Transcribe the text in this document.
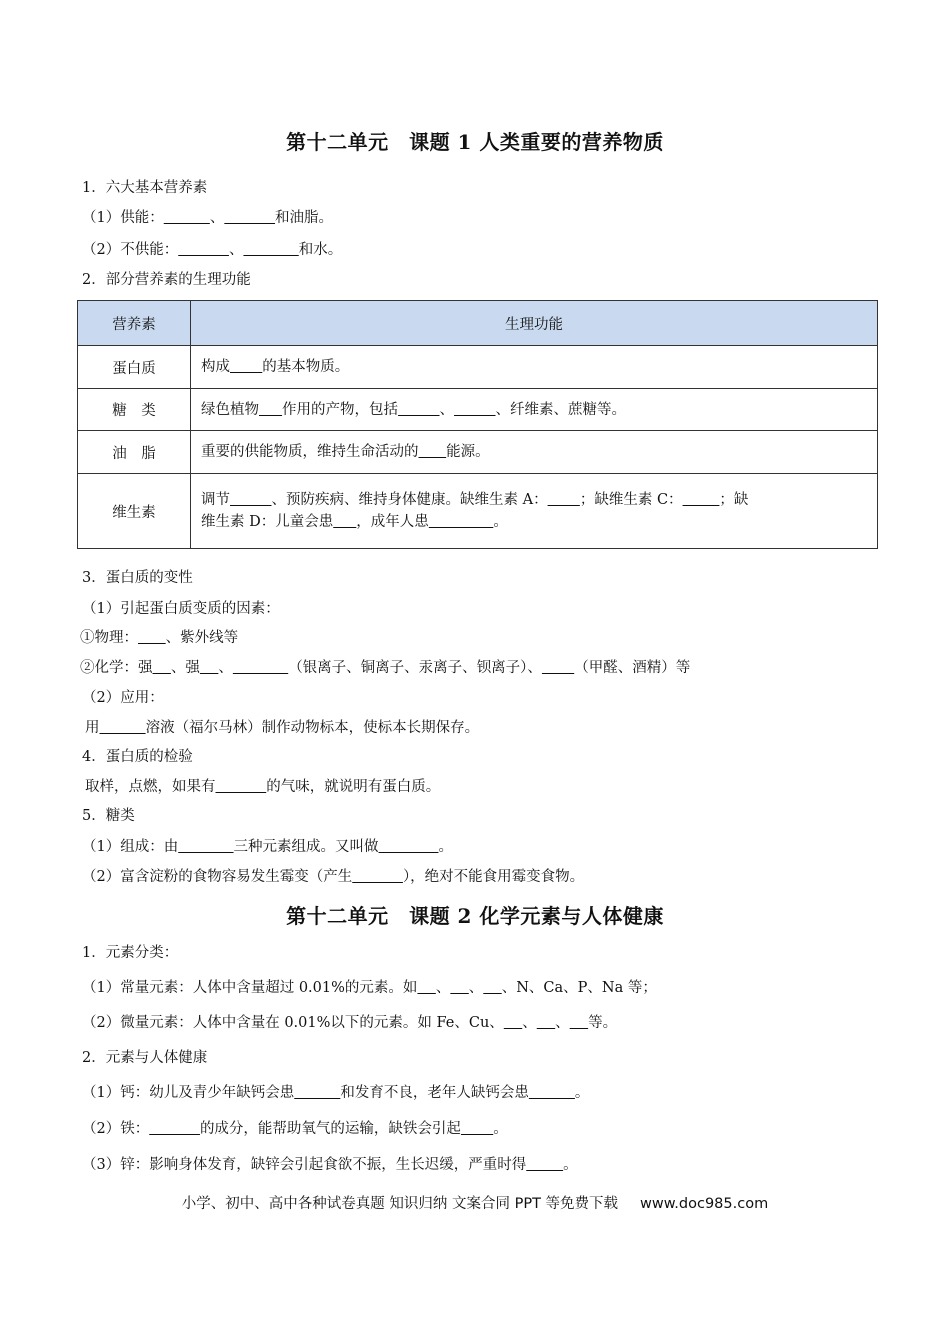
第十二单元　课题 1 人类重要的营养物质
1．六大基本营养素
（1）供能：	、	和油脂。
（2）不供能：	、	和水。
2．部分营养素的生理功能
营养素	生理功能
蛋白质	构成 的基本物质。
糖　类	绿色植物 作用的产物，包括 、 、纤维素、蔗糖等。
油　脂	重要的供能物质，维持生命活动的 能源。
维生素	调节 、预防疾病、维持身体健康。缺维生素 A： ；缺维生素 C： ；缺
维生素 D：儿童会患 ，成年人患 。
3．蛋白质的变性
（1）引起蛋白质变质的因素：
①物理： 、紫外线等
②化学：强 、强 、	（银离子、铜离子、汞离子、钡离子）、 （甲醛、酒精）等
（2）应用：
用	溶液（福尔马林）制作动物标本，使标本长期保存。
4．蛋白质的检验
取样，点燃，如果有	的气味，就说明有蛋白质。
5．糖类
（1）组成：由	三种元素组成。又叫做	。
（2）富含淀粉的食物容易发生霉变（产生	），绝对不能食用霉变食物。
第十二单元　课题 2 化学元素与人体健康
1．元素分类：
（1）常量元素：人体中含量超过 0.01%的元素。如 、 、 、N、Ca、P、Na 等；
（2）微量元素：人体中含量在 0.01%以下的元素。如 Fe、Cu、 、 、 等。
2．元素与人体健康
（1）钙：幼儿及青少年缺钙会患	和发育不良，老年人缺钙会患	。
（2）铁：	的成分，能帮助氧气的运输，缺铁会引起 。
（3）锌：影响身体发育，缺锌会引起食欲不振，生长迟缓，严重时得	。
小学、初中、高中各种试卷真题 知识归纳 文案合同 PPT 等免费下载 www.doc985.com
